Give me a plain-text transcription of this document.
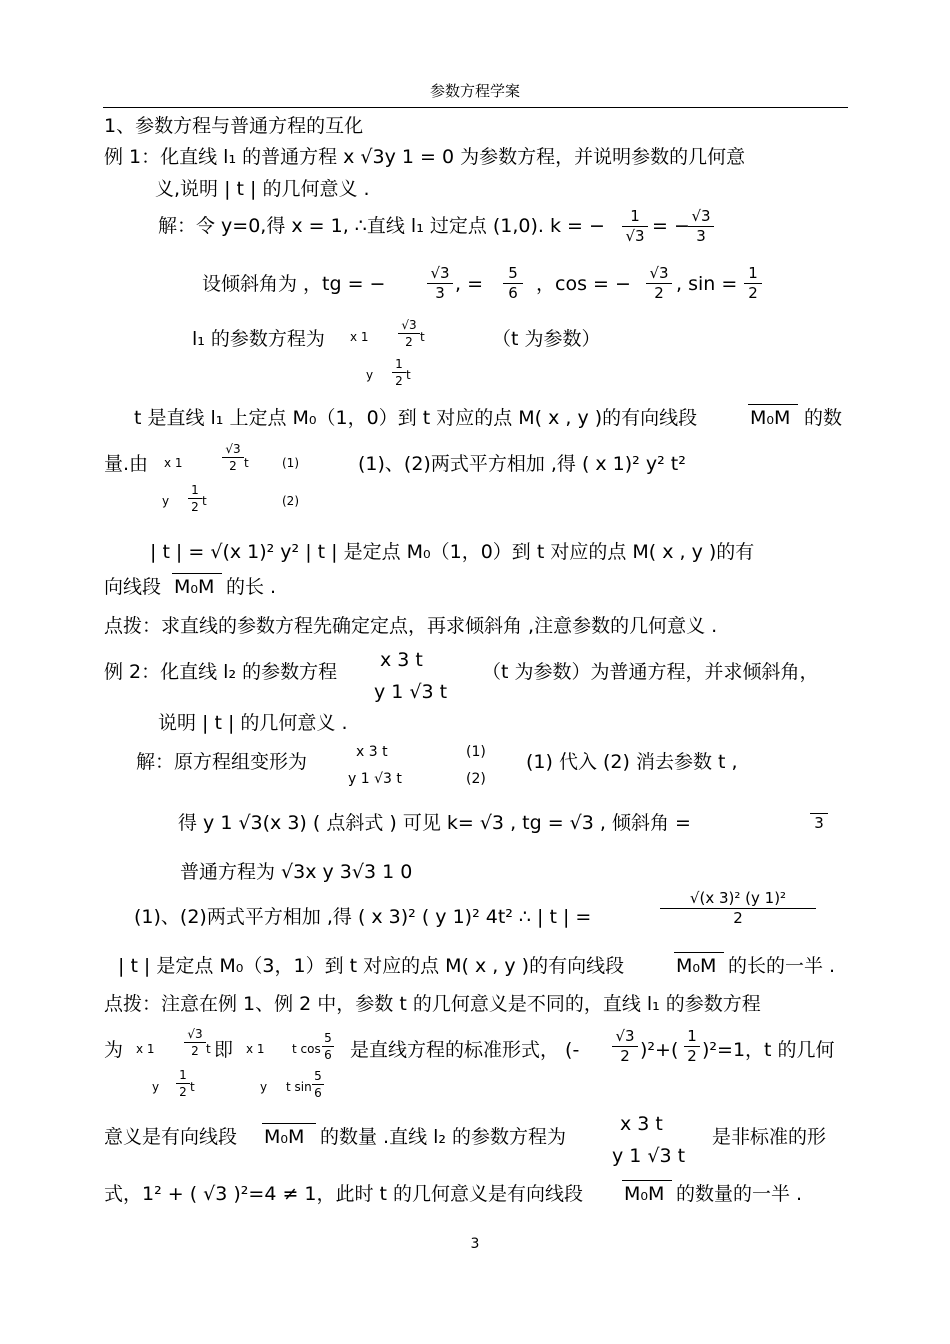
参数方程学案
1、参数方程与普通方程的互化
例 1：化直线 l₁ 的普通方程 x √3y 1 = 0 为参数方程，并说明参数的几何意
义,说明 | t | 的几何意义 .
解：令 y=0,得 x = 1, ∴直线 l₁ 过定点 (1,0). k = −	1
√3 = − √3
3
设倾斜角为 ，tg = −	√3
3 , =	5
6 ，cos = − √3
2 , sin = 1
2
l₁ 的参数方程为 x 1
√3
2 t	（t 为参数）
y
1
2 t
t 是直线 l₁ 上定点 M₀（1，0）到 t 对应的点 M( x , y )的有向线段	M₀M 的数
量.由 x 1
√3
2 t	(1)	(1)、(2)两式平方相加 ,得 ( x 1)² y² t²
y
1
2 t	(2)
| t | = √(x 1)² y² | t | 是定点 M₀（1，0）到 t 对应的点 M( x , y )的有
向线段 M₀M 的长 .
点拨：求直线的参数方程先确定定点，再求倾斜角 ,注意参数的几何意义 .
例 2：化直线 l₂ 的参数方程
x 3 t
y 1 √3 t
（t 为参数）为普通方程，并求倾斜角，
说明 | t | 的几何意义 .
解：原方程组变形为	x 3 t	(1)
y 1 √3 t	(2)
(1) 代入 (2) 消去参数 t ,
得 y 1 √3(x 3) ( 点斜式 ) 可见 k= √3 , tg = √3 , 倾斜角 =	3
普通方程为 √3x y 3√3 1 0
(1)、(2)两式平方相加 ,得 ( x 3)² ( y 1)² 4t² ∴ | t | =
√(x 3)² (y 1)²
2
| t | 是定点 M₀（3，1）到 t 对应的点 M( x , y )的有向线段	M₀M 的长的一半 .
点拨：注意在例 1、例 2 中，参数 t 的几何意义是不同的，直线 l₁ 的参数方程
为 x 1
√3
2 t
y
1
2 t
即 x 1 t cos
5
6
y t sin
5
6
是直线方程的标准形式， (-
√3
2 )²+(
1
2 )²=1，t 的几何
意义是有向线段 M₀M 的数量 .直线 l₂ 的参数方程为
x 3 t
y 1 √3 t
是非标准的形
式，1² + ( √3 )²=4 ≠ 1，此时 t 的几何意义是有向线段 M₀M 的数量的一半 .
3
